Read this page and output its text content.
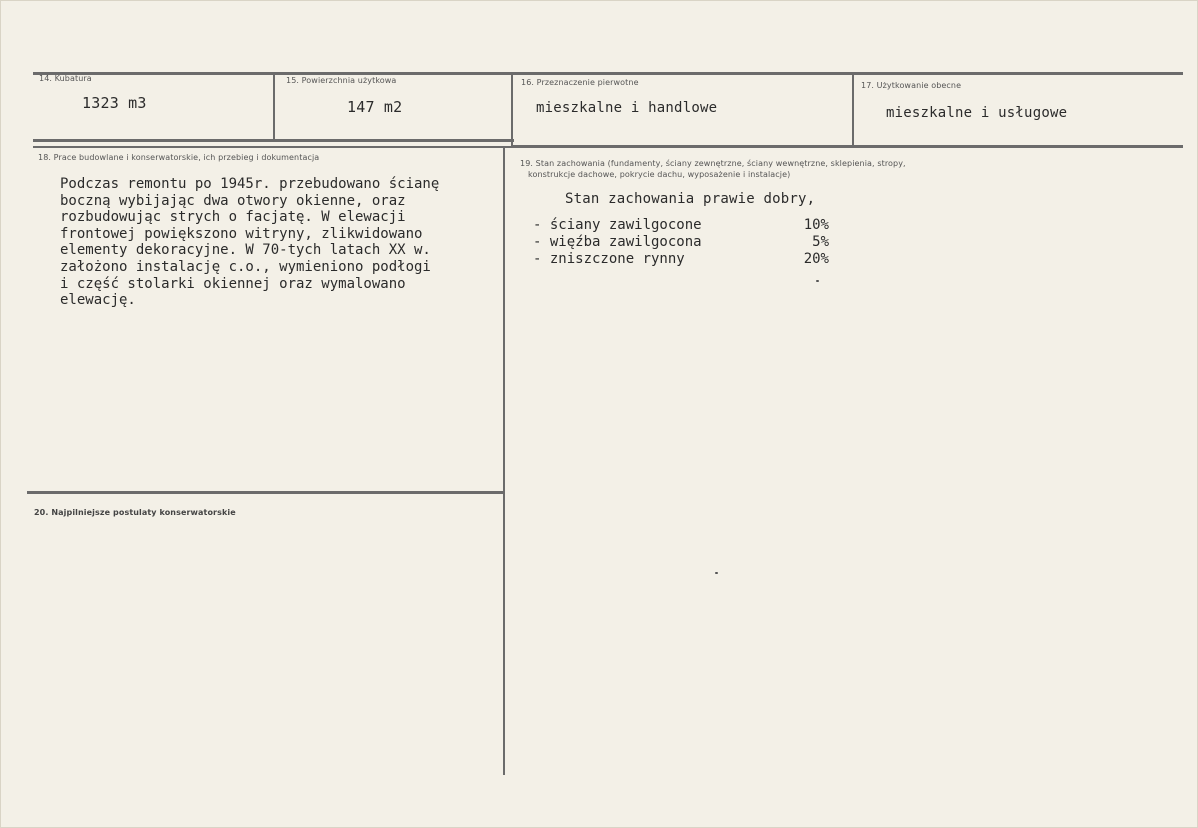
14. Kubatura
1323 m3
15. Powierzchnia użytkowa
147 m2
16. Przeznaczenie pierwotne
mieszkalne i handlowe
17. Użytkowanie obecne
mieszkalne i usługowe
18. Prace budowlane i konserwatorskie, ich przebieg i dokumentacja
Podczas remontu po 1945r. przebudowano ścianę
boczną wybijając dwa otwory okienne, oraz
rozbudowując strych o facjatę. W elewacji
frontowej powiększono witryny, zlikwidowano
elementy dekoracyjne. W 70-tych latach XX w.
założono instalację c.o., wymieniono podłogi
i część stolarki okiennej oraz wymalowano
elewację.
19. Stan zachowania (fundamenty, ściany zewnętrzne, ściany wewnętrzne, sklepienia, stropy,
konstrukcje dachowe, pokrycie dachu, wyposażenie i instalacje)
Stan zachowania prawie dobry,
- ściany zawilgocone	10%
- więźba zawilgocona	5%
- zniszczone rynny	20%
20. Najpilniejsze postulaty konserwatorskie
